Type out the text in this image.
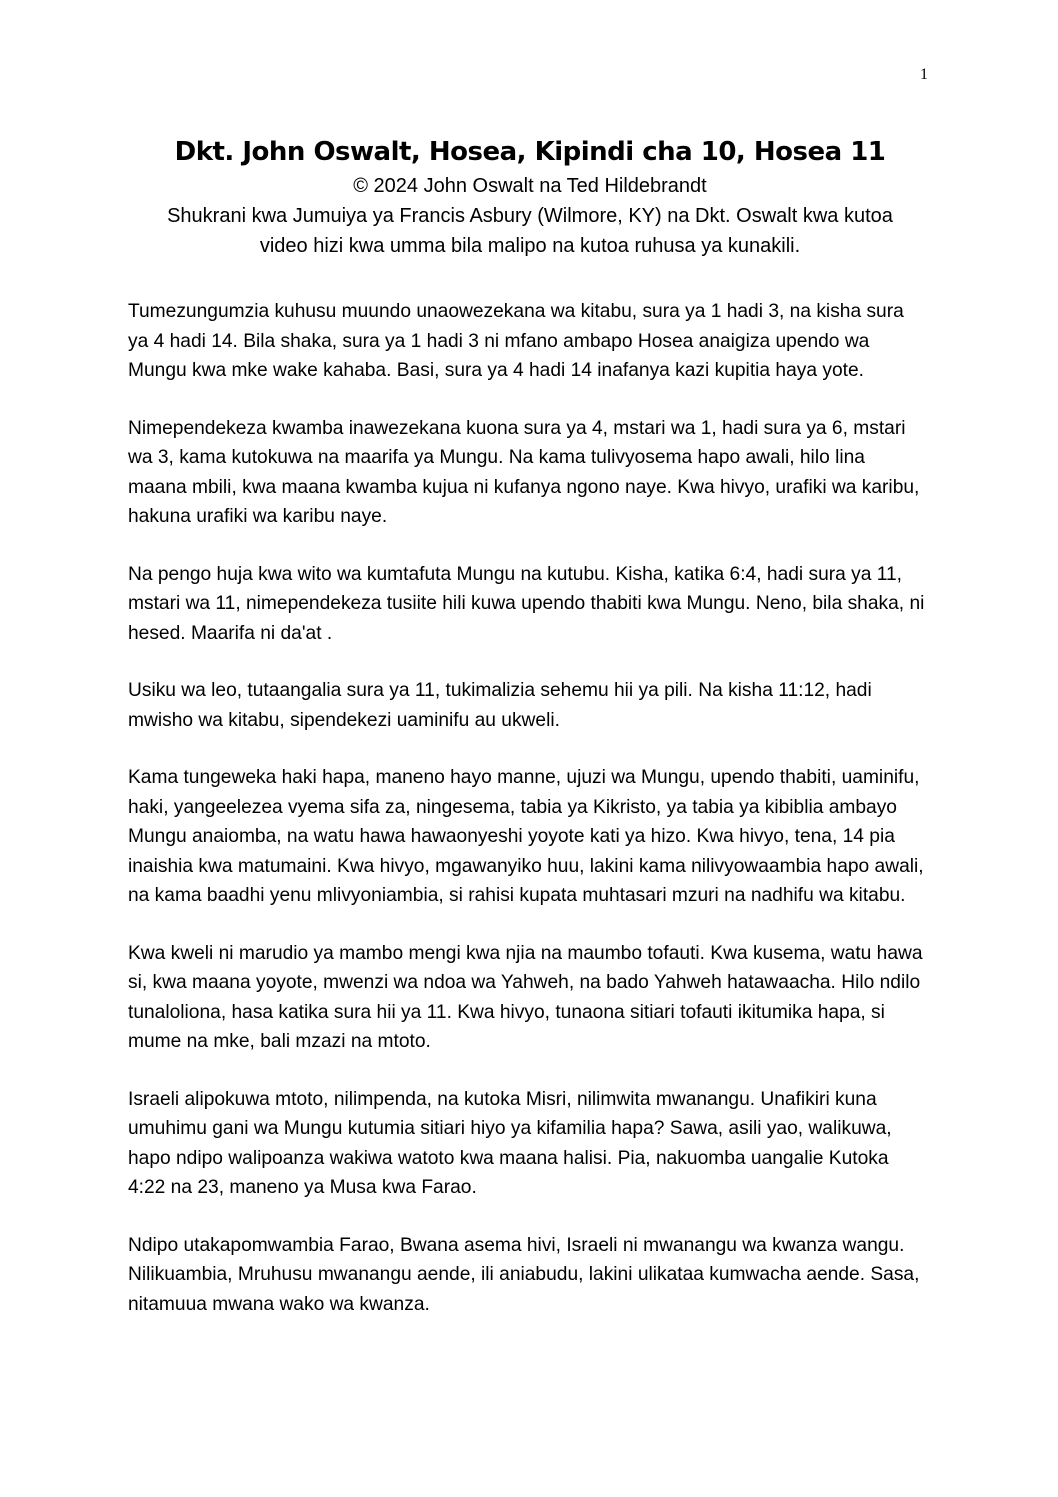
1
Dkt. John Oswalt, Hosea, Kipindi cha 10, Hosea 11
© 2024 John Oswalt na Ted Hildebrandt
Shukrani kwa Jumuiya ya Francis Asbury (Wilmore, KY) na Dkt. Oswalt kwa kutoa video hizi kwa umma bila malipo na kutoa ruhusa ya kunakili.

Tumezungumzia kuhusu muundo unaowezekana wa kitabu, sura ya 1 hadi 3, na kisha sura ya 4 hadi 14. Bila shaka, sura ya 1 hadi 3 ni mfano ambapo Hosea anaigiza upendo wa Mungu kwa mke wake kahaba. Basi, sura ya 4 hadi 14 inafanya kazi kupitia haya yote.

Nimependekeza kwamba inawezekana kuona sura ya 4, mstari wa 1, hadi sura ya 6, mstari wa 3, kama kutokuwa na maarifa ya Mungu. Na kama tulivyosema hapo awali, hilo lina maana mbili, kwa maana kwamba kujua ni kufanya ngono naye. Kwa hivyo, urafiki wa karibu, hakuna urafiki wa karibu naye.

Na pengo huja kwa wito wa kumtafuta Mungu na kutubu. Kisha, katika 6:4, hadi sura ya 11, mstari wa 11, nimependekeza tusiite hili kuwa upendo thabiti kwa Mungu. Neno, bila shaka, ni hesed. Maarifa ni da'at .

Usiku wa leo, tutaangalia sura ya 11, tukimalizia sehemu hii ya pili. Na kisha 11:12, hadi mwisho wa kitabu, sipendekezi uaminifu au ukweli.

Kama tungeweka haki hapa, maneno hayo manne, ujuzi wa Mungu, upendo thabiti, uaminifu, haki, yangeelezea vyema sifa za, ningesema, tabia ya Kikristo, ya tabia ya kibiblia ambayo Mungu anaiomba, na watu hawa hawaonyeshi yoyote kati ya hizo. Kwa hivyo, tena, 14 pia inaishia kwa matumaini. Kwa hivyo, mgawanyiko huu, lakini kama nilivyowaambia hapo awali, na kama baadhi yenu mlivyoniambia, si rahisi kupata muhtasari mzuri na nadhifu wa kitabu.

Kwa kweli ni marudio ya mambo mengi kwa njia na maumbo tofauti. Kwa kusema, watu hawa si, kwa maana yoyote, mwenzi wa ndoa wa Yahweh, na bado Yahweh hatawaacha. Hilo ndilo tunaloliona, hasa katika sura hii ya 11. Kwa hivyo, tunaona sitiari tofauti ikitumika hapa, si mume na mke, bali mzazi na mtoto.

Israeli alipokuwa mtoto, nilimpenda, na kutoka Misri, nilimwita mwanangu. Unafikiri kuna umuhimu gani wa Mungu kutumia sitiari hiyo ya kifamilia hapa? Sawa, asili yao, walikuwa, hapo ndipo walipoanza wakiwa watoto kwa maana halisi. Pia, nakuomba uangalie Kutoka 4:22 na 23, maneno ya Musa kwa Farao.

Ndipo utakapomwambia Farao, Bwana asema hivi, Israeli ni mwanangu wa kwanza wangu. Nilikuambia, Mruhusu mwanangu aende, ili aniabudu, lakini ulikataa kumwacha aende. Sasa, nitamuua mwana wako wa kwanza.
